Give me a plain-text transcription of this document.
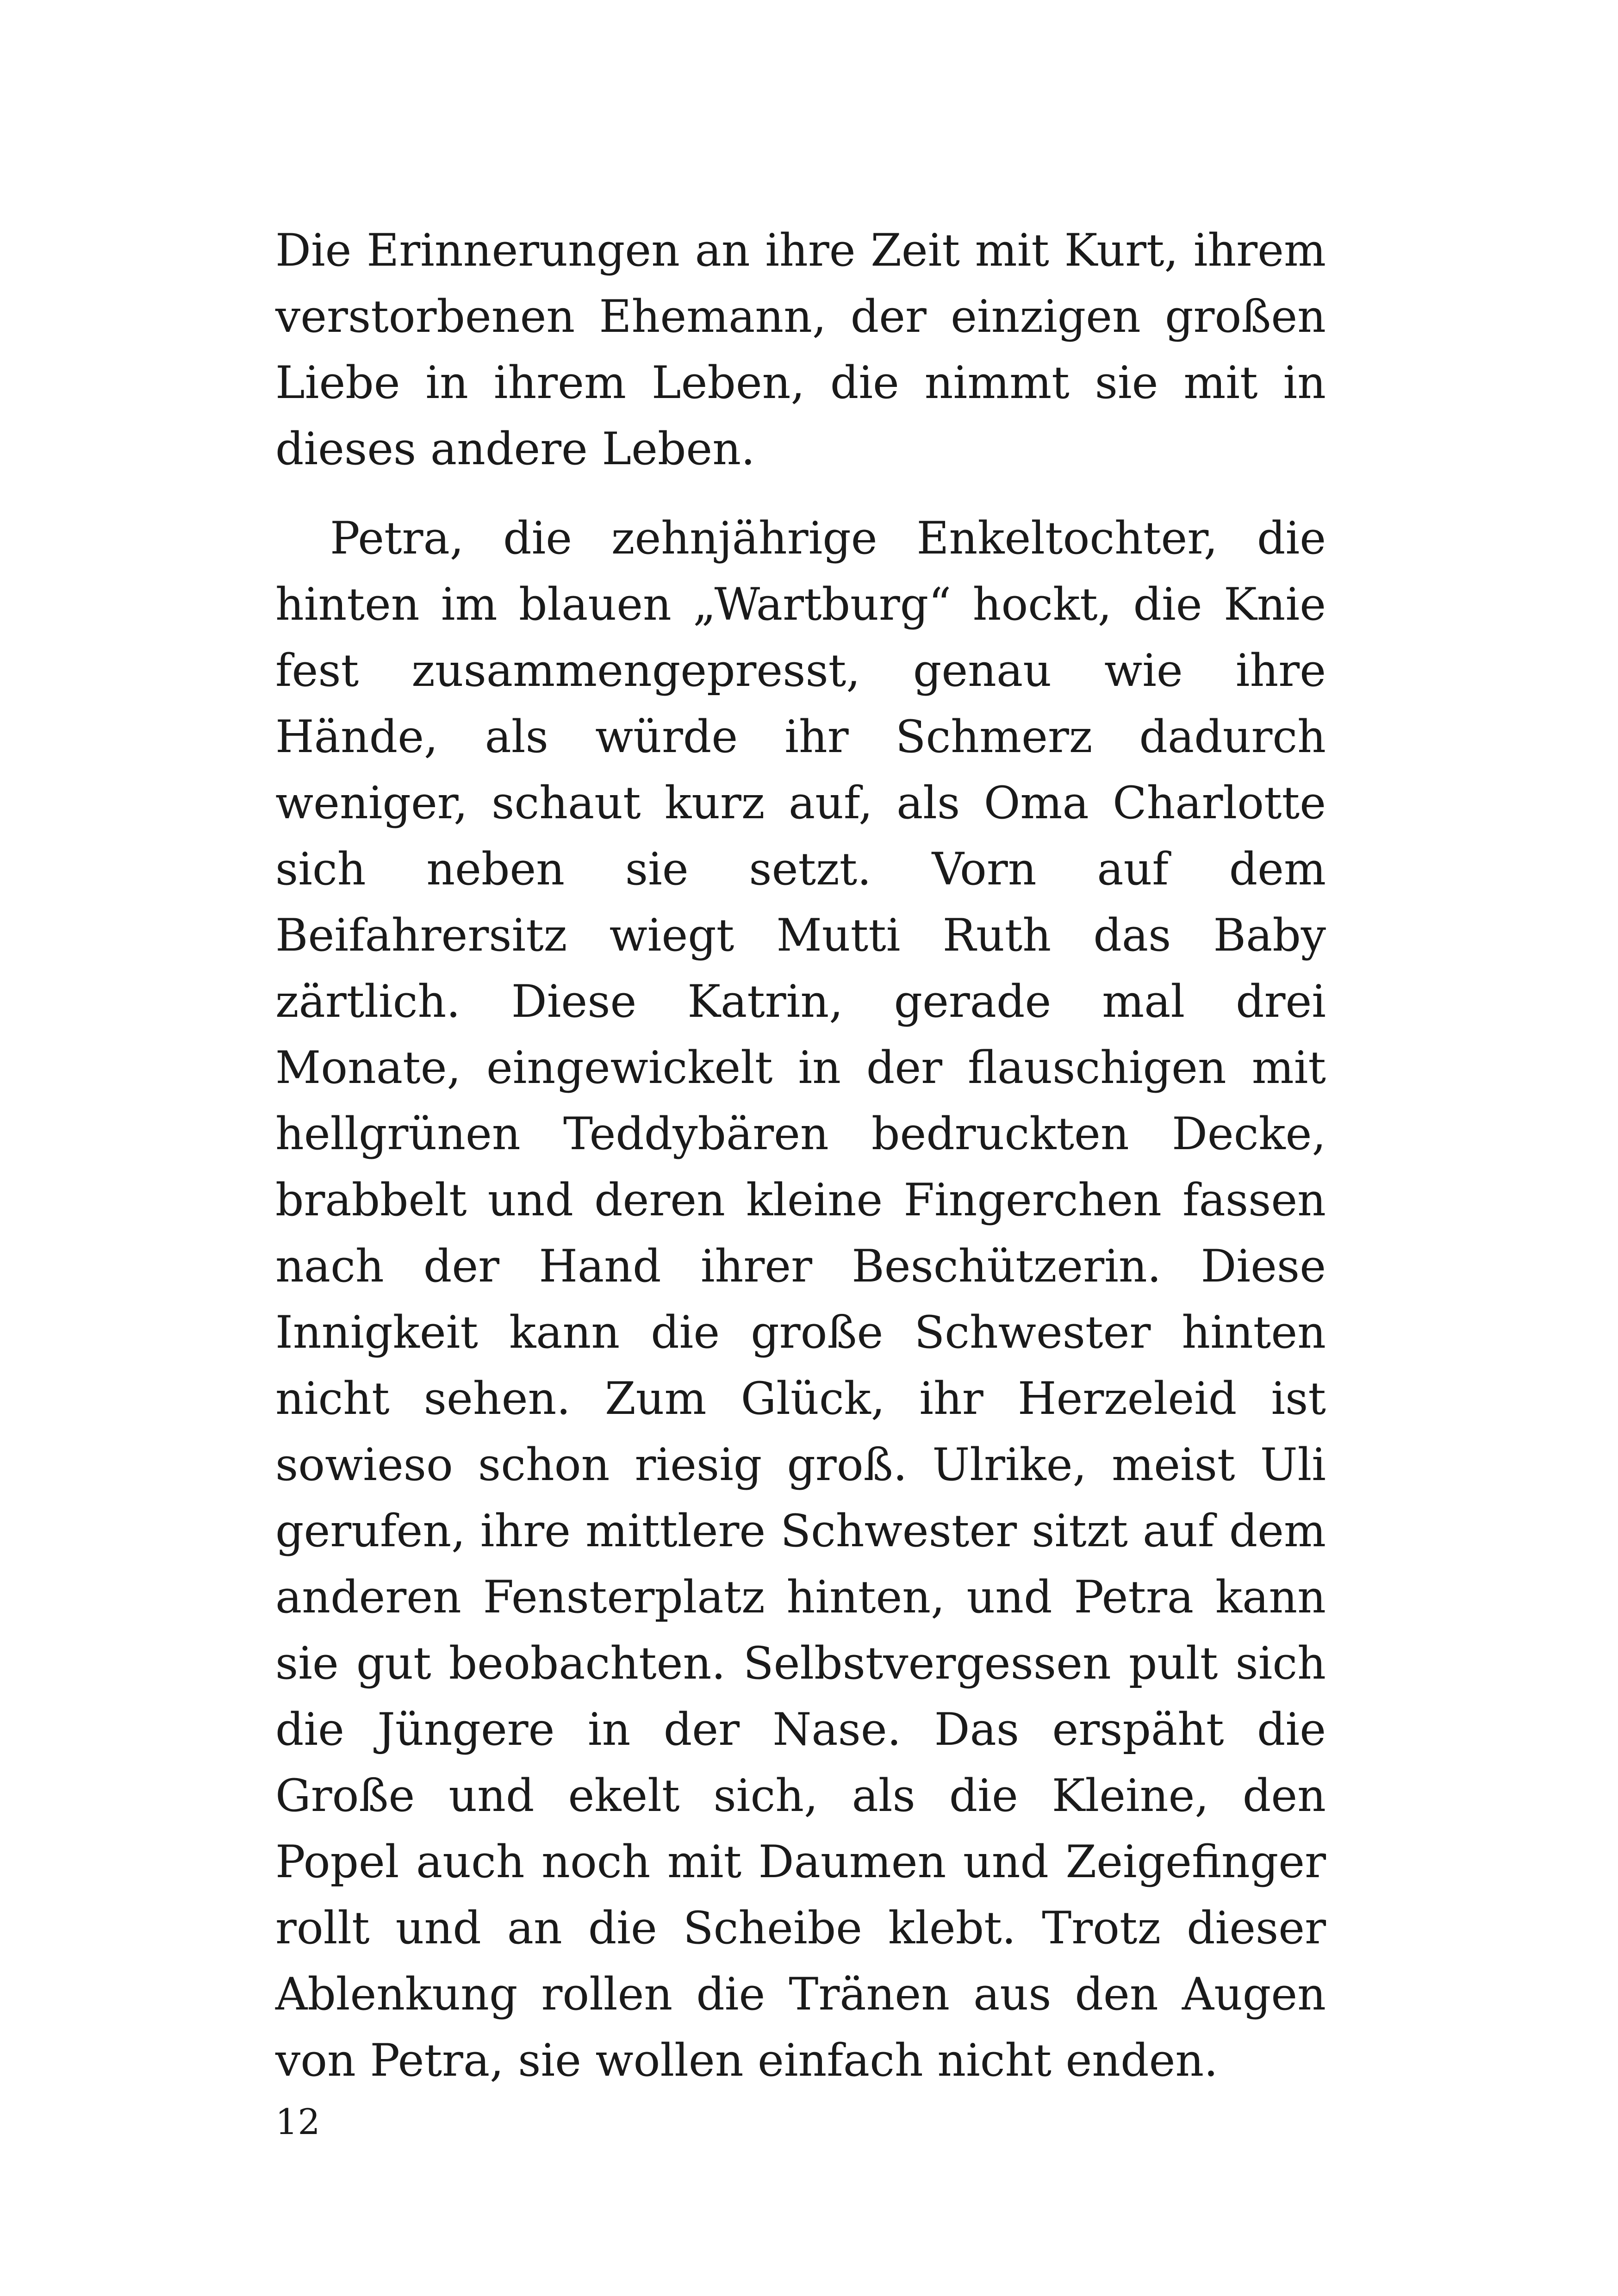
Die Erinnerungen an ihre Zeit mit Kurt, ihrem verstorbenen Ehemann, der einzigen großen Liebe in ihrem Leben, die nimmt sie mit in dieses andere Leben.

Petra, die zehnjährige Enkeltochter, die hinten im blauen „Wartburg“ hockt, die Knie fest zusammengepresst, genau wie ihre Hände, als würde ihr Schmerz dadurch weniger, schaut kurz auf, als Oma Charlotte sich neben sie setzt. Vorn auf dem Beifahrersitz wiegt Mutti Ruth das Baby zärtlich. Diese Katrin, gerade mal drei Monate, eingewickelt in der flauschigen mit hellgrünen Teddybären bedruckten Decke, brabbelt und deren kleine Fingerchen fassen nach der Hand ihrer Beschützerin. Diese Innigkeit kann die große Schwester hinten nicht sehen. Zum Glück, ihr Herzeleid ist sowieso schon riesig groß. Ulrike, meist Uli gerufen, ihre mittlere Schwester sitzt auf dem anderen Fensterplatz hinten, und Petra kann sie gut beobachten. Selbstvergessen pult sich die Jüngere in der Nase. Das erspäht die Große und ekelt sich, als die Kleine, den Popel auch noch mit Daumen und Zeigefinger rollt und an die Scheibe klebt. Trotz dieser Ablenkung rollen die Tränen aus den Augen von Petra, sie wollen einfach nicht enden.

12
